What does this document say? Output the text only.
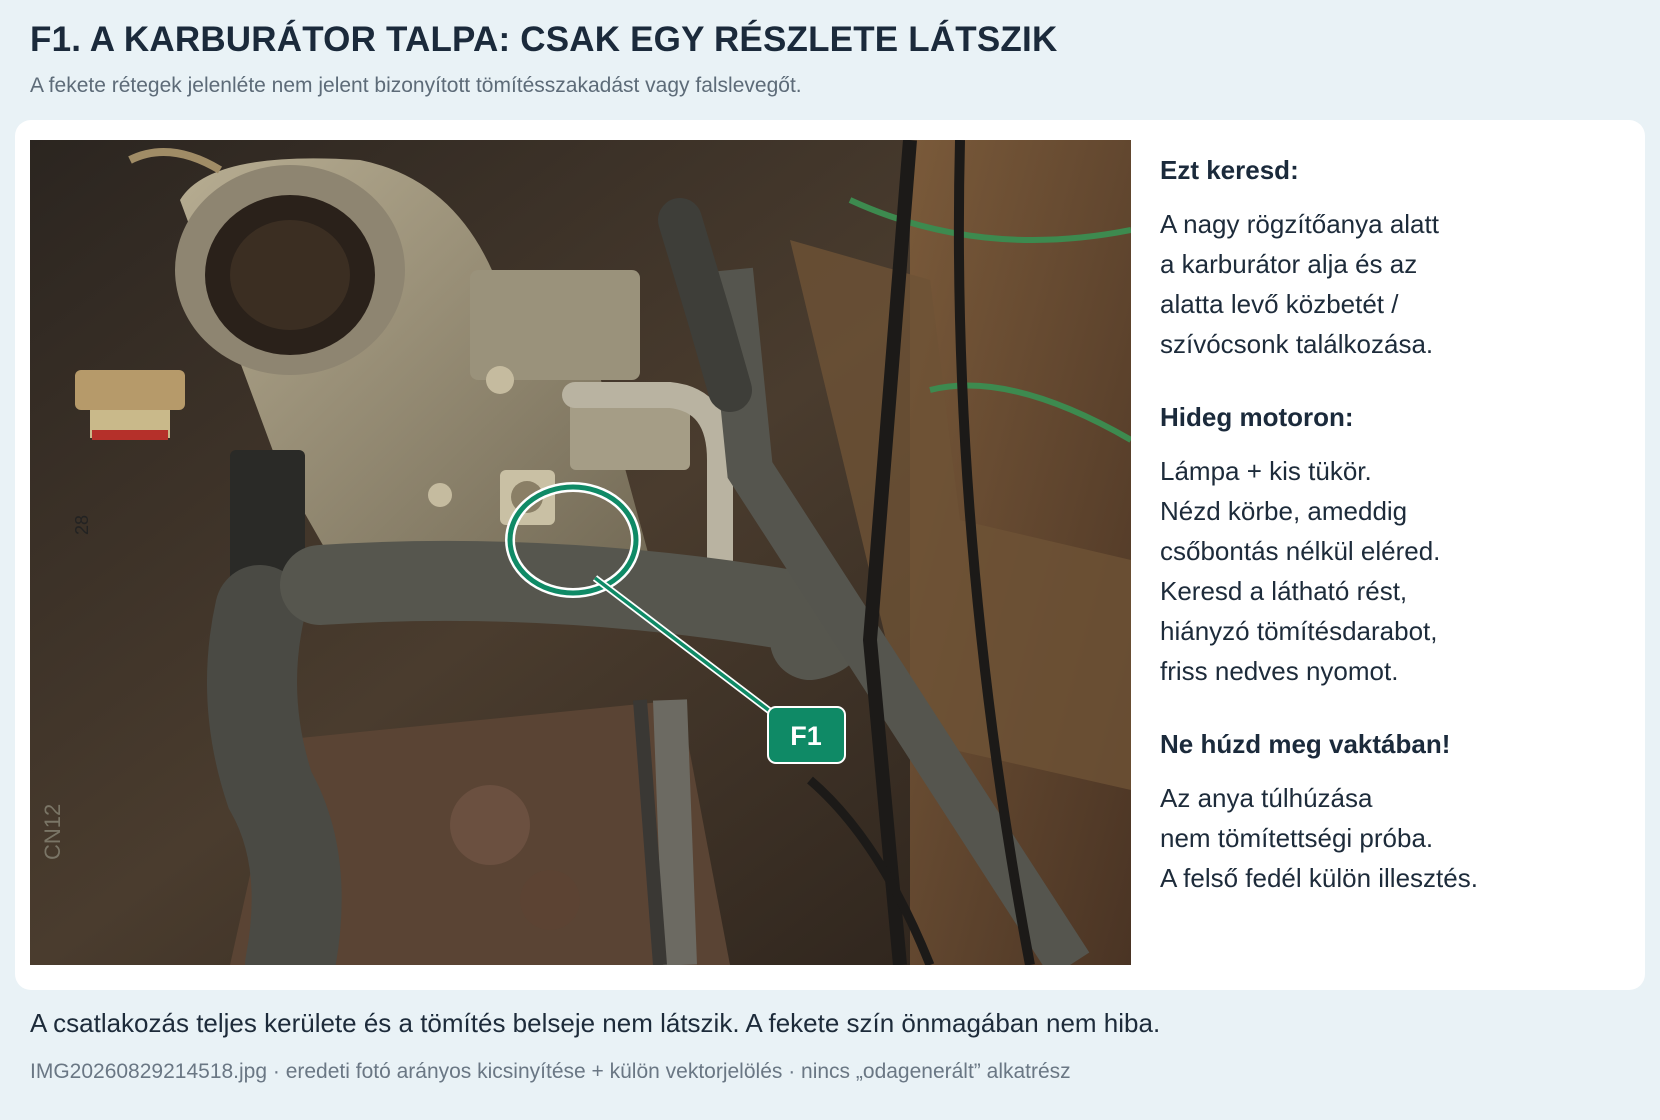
F1. A KARBURÁTOR TALPA: CSAK EGY RÉSZLETE LÁTSZIK
A fekete rétegek jelenléte nem jelent bizonyított tömítésszakadást vagy falslevegőt.
28
CN12
F1
Ezt keresd:

A nagy rögzítőanya alatt
a karburátor alja és az
alatta levő közbetét /
szívócsonk találkozása.

Hideg motoron:

Lámpa + kis tükör.
Nézd körbe, ameddig
csőbontás nélkül eléred.
Keresd a látható rést,
hiányzó tömítésdarabot,
friss nedves nyomot.

Ne húzd meg vaktában!

Az anya túlhúzása
nem tömítettségi próba.
A felső fedél külön illesztés.

A csatlakozás teljes kerülete és a tömítés belseje nem látszik. A fekete szín önmagában nem hiba.
IMG20260829214518.jpg · eredeti fotó arányos kicsinyítése + külön vektorjelölés · nincs „odagenerált” alkatrész
